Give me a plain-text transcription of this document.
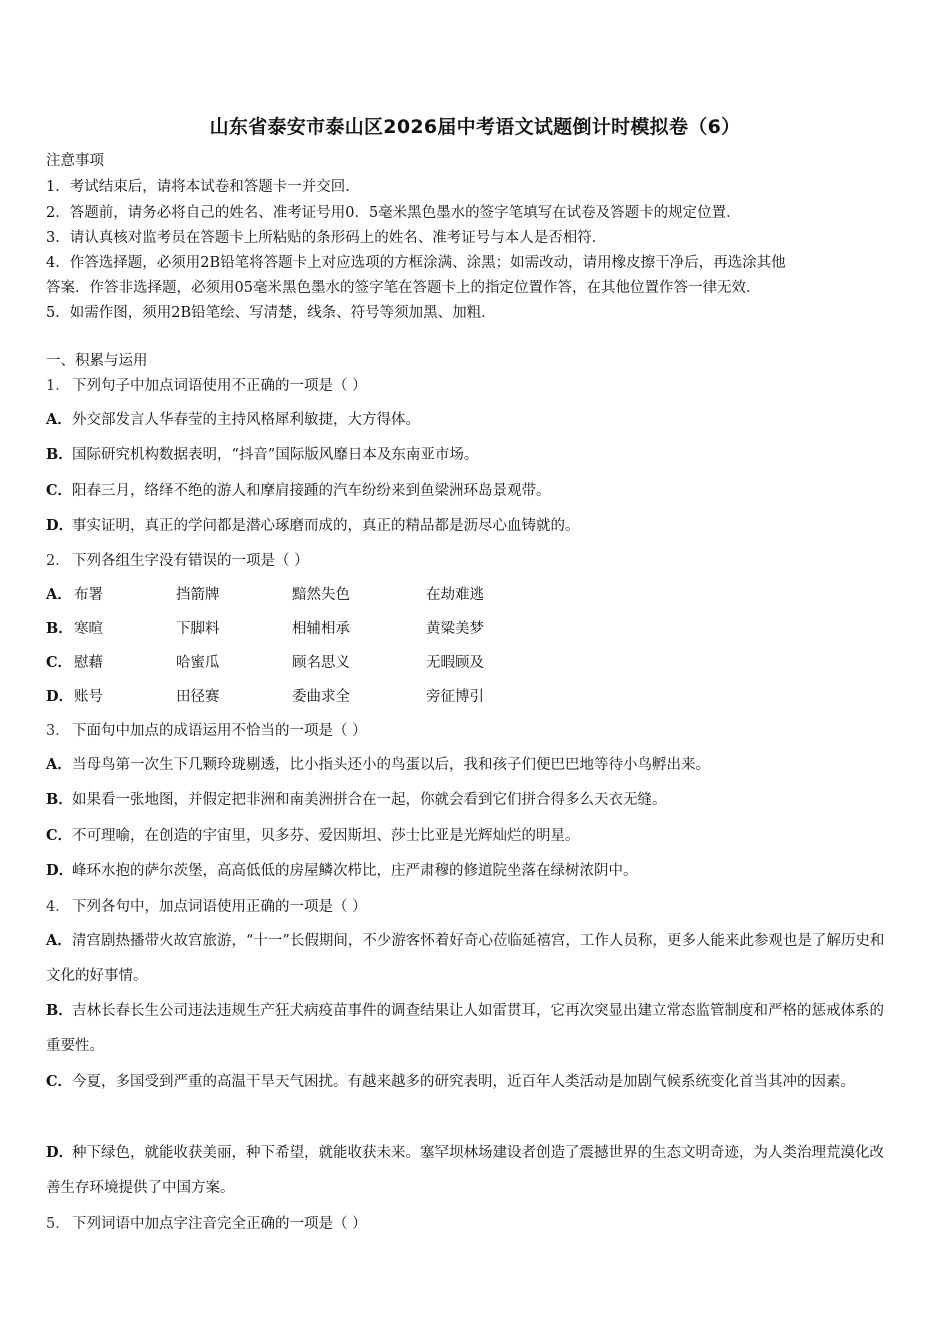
山东省泰安市泰山区2026届中考语文试题倒计时模拟卷（6）
注意事项
1．考试结束后，请将本试卷和答题卡一并交回．
2．答题前，请务必将自己的姓名、准考证号用0．5毫米黑色墨水的签字笔填写在试卷及答题卡的规定位置．
3．请认真核对监考员在答题卡上所粘贴的条形码上的姓名、准考证号与本人是否相符．
4．作答选择题，必须用2B铅笔将答题卡上对应选项的方框涂满、涂黑；如需改动，请用橡皮擦干净后，再选涂其他
答案．作答非选择题，必须用05毫米黑色墨水的签字笔在答题卡上的指定位置作答，在其他位置作答一律无效．
5．如需作图，须用2B铅笔绘、写清楚，线条、符号等须加黑、加粗．
一、积累与运用
1． 下列句子中加点词语使用不正确的一项是（ ）
A．外交部发言人华春莹的主持风格犀利敏捷，大方得体。
B．国际研究机构数据表明，“抖音”国际版风靡日本及东南亚市场。
C．阳春三月，络绎不绝的游人和摩肩接踵的汽车纷纷来到鱼梁洲环岛景观带。
D．事实证明，真正的学问都是潜心琢磨而成的，真正的精品都是沥尽心血铸就的。
2． 下列各组生字没有错误的一项是（ ）
A． 布署	挡箭牌	黯然失色	在劫难逃
B． 寒暄	下脚料	相辅相承	黄粱美梦
C． 慰藉	哈蜜瓜	顾名思义	无暇顾及
D． 账号	田径赛	委曲求全	旁征博引
3． 下面句中加点的成语运用不恰当的一项是（ ）
A．当母鸟第一次生下几颗玲珑剔透，比小指头还小的鸟蛋以后，我和孩子们便巴巴地等待小鸟孵出来。
B．如果看一张地图，并假定把非洲和南美洲拼合在一起，你就会看到它们拼合得多么天衣无缝。
C．不可理喻，在创造的宇宙里，贝多芬、爱因斯坦、莎士比亚是光辉灿烂的明星。
D．峰环水抱的萨尔茨堡，高高低低的房屋鳞次栉比，庄严肃穆的修道院坐落在绿树浓阴中。
4． 下列各句中，加点词语使用正确的一项是（ ）
A．清宫剧热播带火故宫旅游，“十一”长假期间，不少游客怀着好奇心莅临延禧宫，工作人员称，更多人能来此参观也是了解历史和文化的好事情。
B．吉林长春长生公司违法违规生产狂犬病疫苗事件的调查结果让人如雷贯耳，它再次突显出建立常态监管制度和严格的惩戒体系的重要性。
C．今夏，多国受到严重的高温干旱天气困扰。有越来越多的研究表明，近百年人类活动是加剧气候系统变化首当其冲的因素。
D．种下绿色，就能收获美丽，种下希望，就能收获未来。塞罕坝林场建设者创造了震撼世界的生态文明奇迹，为人类治理荒漠化改善生存环境提供了中国方案。
5． 下列词语中加点字注音完全正确的一项是（ ）
